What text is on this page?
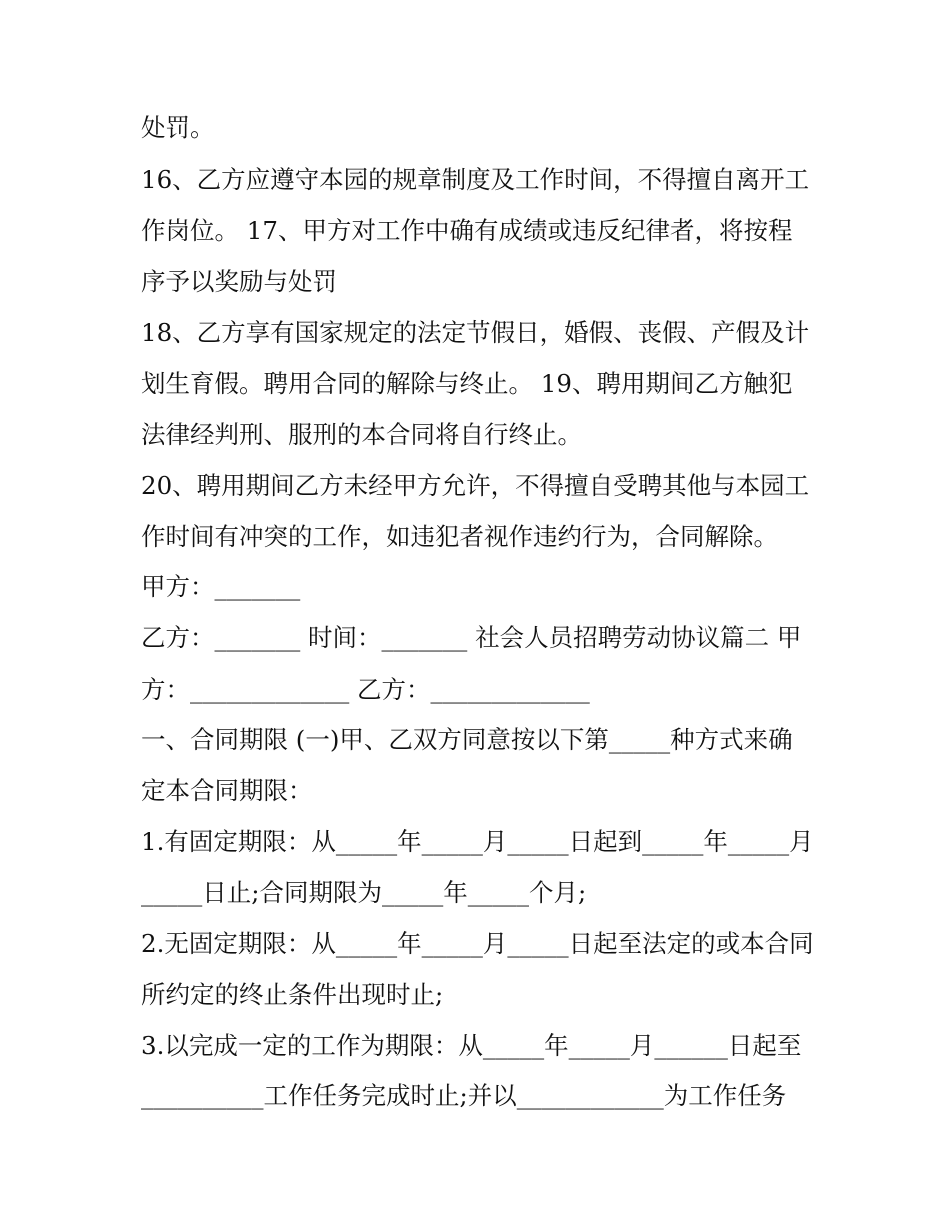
处罚。

16、乙方应遵守本园的规章制度及工作时间，不得擅自离开工

作岗位。 17、甲方对工作中确有成绩或违反纪律者，将按程

序予以奖励与处罚

18、乙方享有国家规定的法定节假日，婚假、丧假、产假及计

划生育假。聘用合同的解除与终止。 19、聘用期间乙方触犯

法律经判刑、服刑的本合同将自行终止。

20、聘用期间乙方未经甲方允许，不得擅自受聘其他与本园工

作时间有冲突的工作，如违犯者视作违约行为，合同解除。

甲方：_______

乙方：_______ 时间：_______ 社会人员招聘劳动协议篇二 甲

方：_____________ 乙方：_____________

一、合同期限 (一)甲、乙双方同意按以下第_____种方式来确

定本合同期限：

1.有固定期限：从_____年_____月_____日起到_____年_____月

_____日止;合同期限为_____年_____个月;

2.无固定期限：从_____年_____月_____日起至法定的或本合同

所约定的终止条件出现时止;

3.以完成一定的工作为期限：从_____年_____月______日起至

__________工作任务完成时止;并以____________为工作任务
